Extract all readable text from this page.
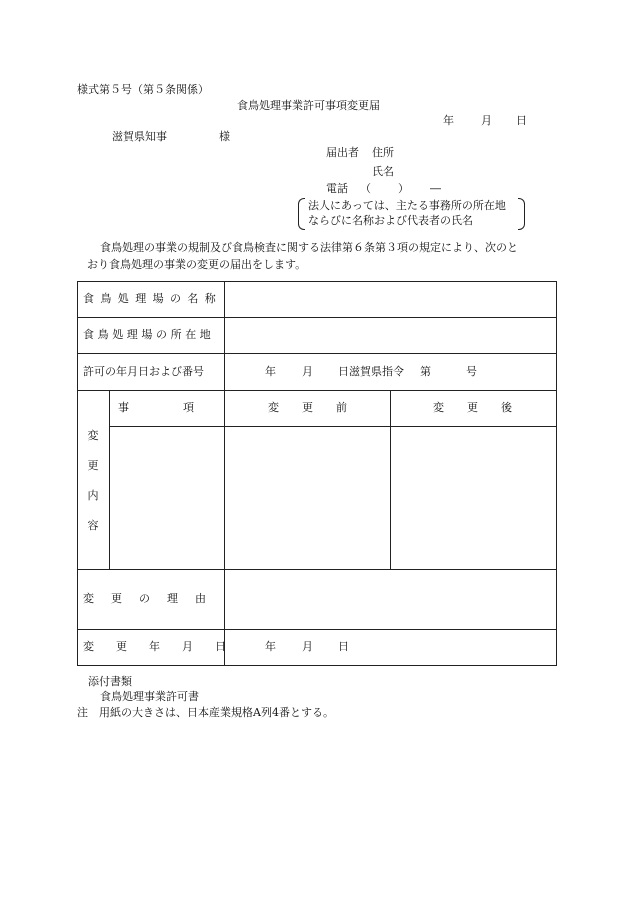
様式第５号（第５条関係）
食鳥処理事業許可事項変更届
年 月 日
滋賀県知事	様
届出者 住所
氏名
電話 （ ） ―
法人にあっては、主たる事務所の所在地
ならびに名称および代表者の氏名
食鳥処理の事業の規制及び食鳥検査に関する法律第６条第３項の規定により、次のと
おり食鳥処理の事業の変更の届出をします。
食鳥処理場の名称
食鳥処理場の所在地
許可の年月日および番号	年 月 日滋賀県指令 第	号
変
更
内
容
事　　　　項	変　更　前	変　更　後
変　更　の　理　由
変　更　年　月　日	年 月 日
添付書類
食鳥処理事業許可書
注　用紙の大きさは、日本産業規格A列4番とする。
